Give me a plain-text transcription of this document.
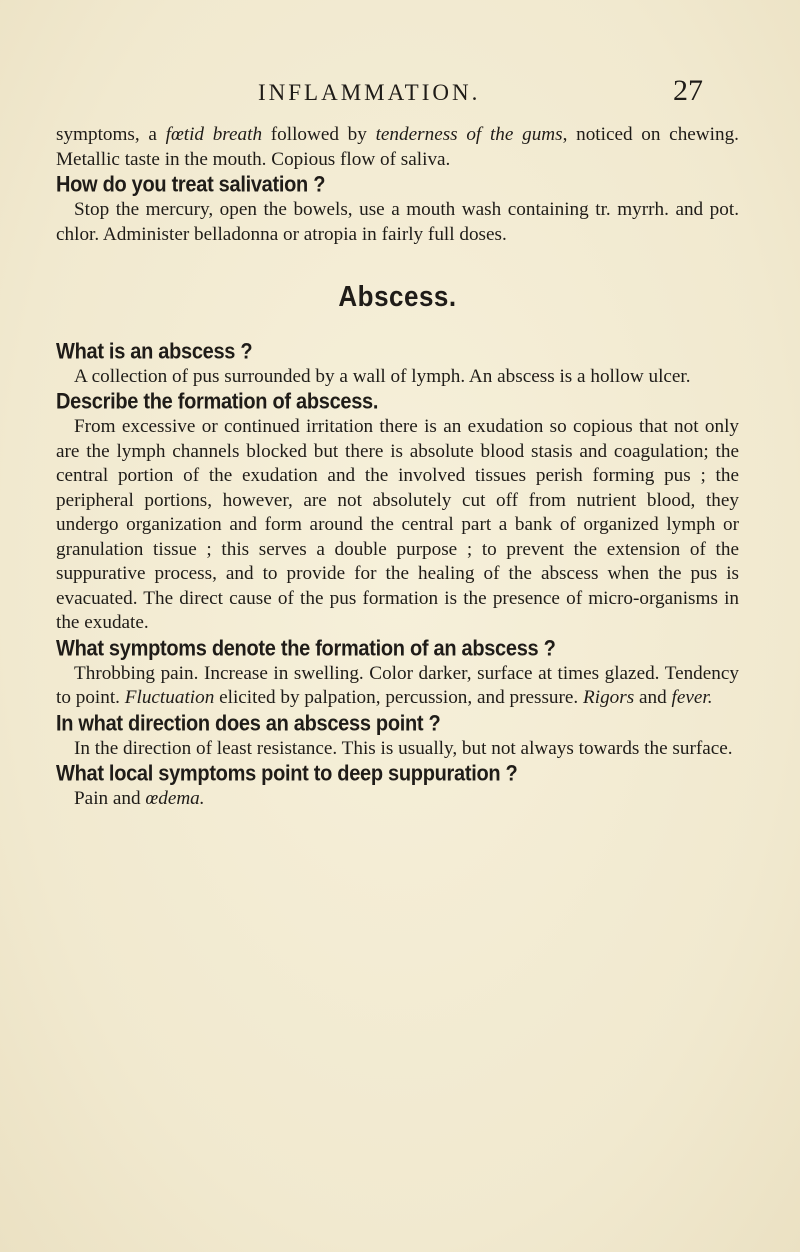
INFLAMMATION.	27

symptoms, a fœtid breath followed by tenderness of the gums, noticed on chewing. Metallic taste in the mouth. Copious flow of saliva.

How do you treat salivation ?

Stop the mercury, open the bowels, use a mouth wash containing tr. myrrh. and pot. chlor. Administer belladonna or atropia in fairly full doses.

Abscess.

What is an abscess ?

A collection of pus surrounded by a wall of lymph. An abscess is a hollow ulcer.

Describe the formation of abscess.

From excessive or continued irritation there is an exudation so copious that not only are the lymph channels blocked but there is absolute blood stasis and coagulation; the central portion of the exudation and the involved tissues perish forming pus ; the peripheral portions, however, are not absolutely cut off from nutrient blood, they undergo organization and form around the central part a bank of organized lymph or granulation tissue ; this serves a double purpose ; to prevent the extension of the suppurative process, and to provide for the healing of the abscess when the pus is evacuated. The direct cause of the pus formation is the presence of micro-organisms in the exudate.

What symptoms denote the formation of an abscess ?

Throbbing pain. Increase in swelling. Color darker, surface at times glazed. Tendency to point. Fluctuation elicited by palpation, percussion, and pressure. Rigors and fever.

In what direction does an abscess point ?

In the direction of least resistance. This is usually, but not always towards the surface.

What local symptoms point to deep suppuration ?

Pain and œdema.
